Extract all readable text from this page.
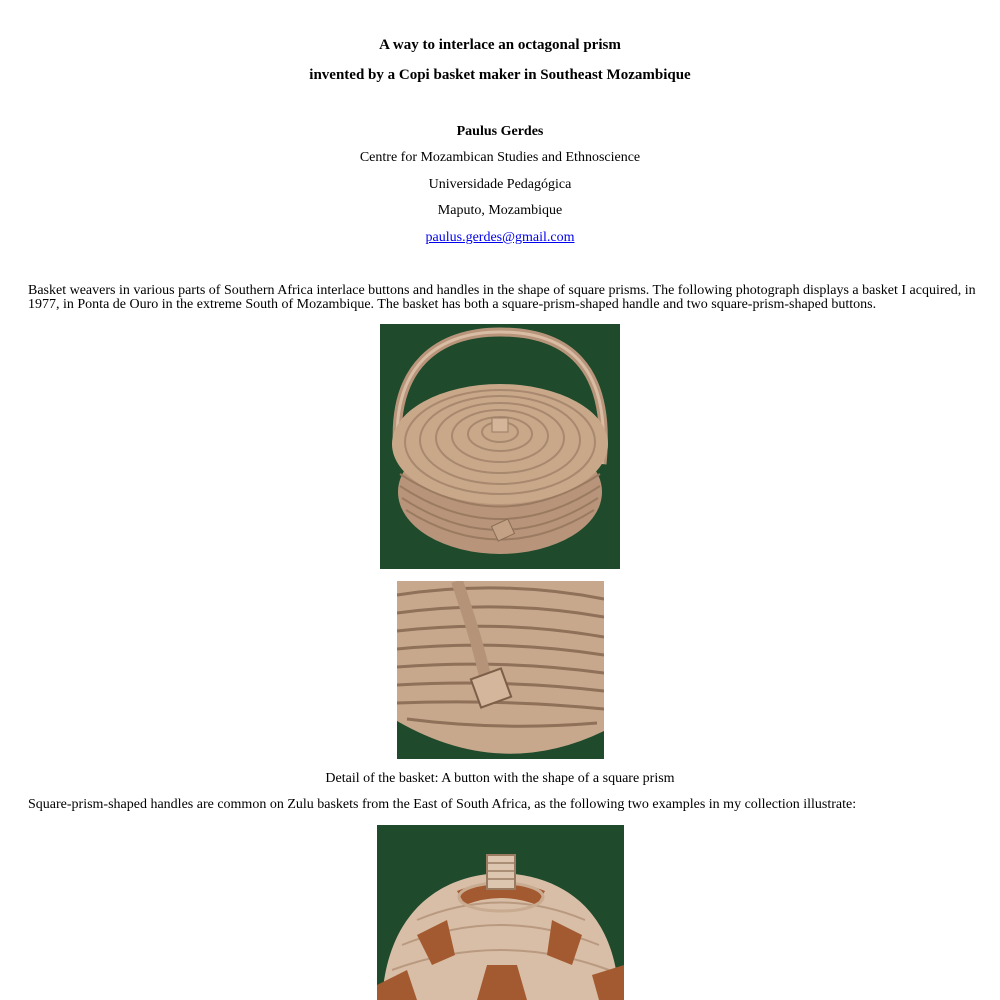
A way to interlace an octagonal prism

invented by a Copi basket maker in Southeast Mozambique

Paulus Gerdes

Centre for Mozambican Studies and Ethnoscience

Universidade Pedagógica

Maputo, Mozambique

paulus.gerdes@gmail.com

Basket weavers in various parts of Southern Africa interlace buttons and handles in the shape of square prisms. The following photograph displays a basket I acquired, in 1977, in Ponta de Ouro in the extreme South of Mozambique. The basket has both a square-prism-shaped handle and two square-prism-shaped buttons.

Detail of the basket: A button with the shape of a square prism

Square-prism-shaped handles are common on Zulu baskets from the East of South Africa, as the following two examples in my collection illustrate:
